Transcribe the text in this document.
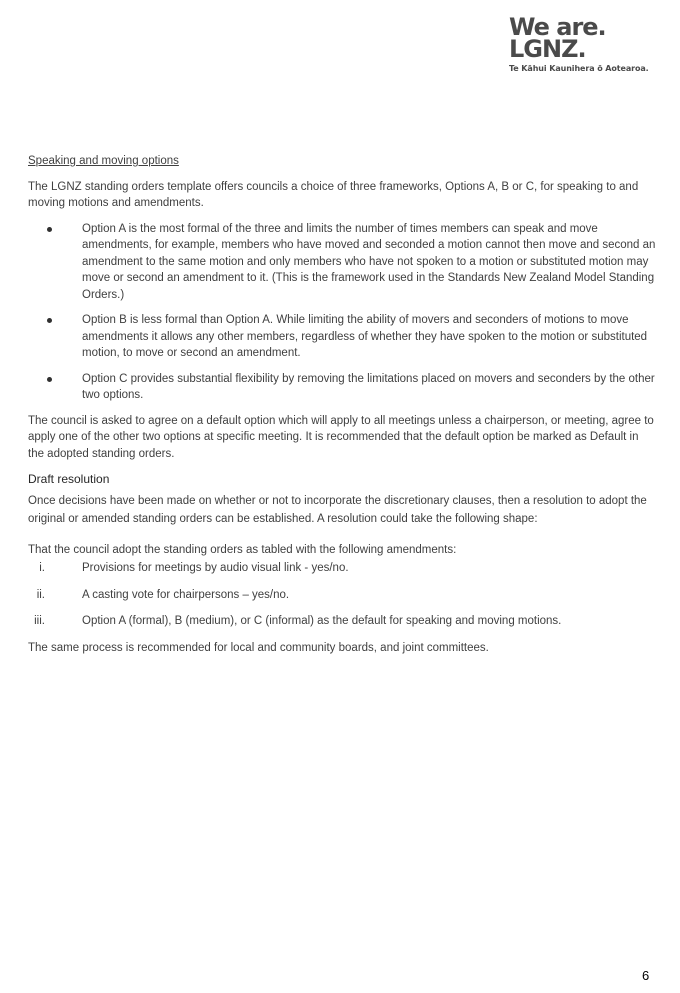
We are.
LGNZ.
Te Kāhui Kaunihera ō Aotearoa.
Speaking and moving options

The LGNZ standing orders template offers councils a choice of three frameworks, Options A, B or C, for speaking to and moving motions and amendments.

Option A is the most formal of the three and limits the number of times members can speak and move amendments, for example, members who have moved and seconded a motion cannot then move and second an amendment to the same motion and only members who have not spoken to a motion or substituted motion may move or second an amendment to it. (This is the framework used in the Standards New Zealand Model Standing Orders.)
Option B is less formal than Option A. While limiting the ability of movers and seconders of motions to move amendments it allows any other members, regardless of whether they have spoken to the motion or substituted motion, to move or second an amendment.
Option C provides substantial flexibility by removing the limitations placed on movers and seconders by the other two options.

The council is asked to agree on a default option which will apply to all meetings unless a chairperson, or meeting, agree to apply one of the other two options at specific meeting. It is recommended that the default option be marked as Default in the adopted standing orders.

Draft resolution

Once decisions have been made on whether or not to incorporate the discretionary clauses, then a resolution to adopt the original or amended standing orders can be established. A resolution could take the following shape:

That the council adopt the standing orders as tabled with the following amendments:

i.	Provisions for meetings by audio visual link - yes/no.
ii.	A casting vote for chairpersons – yes/no.
iii.	Option A (formal), B (medium), or C (informal) as the default for speaking and moving motions.

The same process is recommended for local and community boards, and joint committees.

6
